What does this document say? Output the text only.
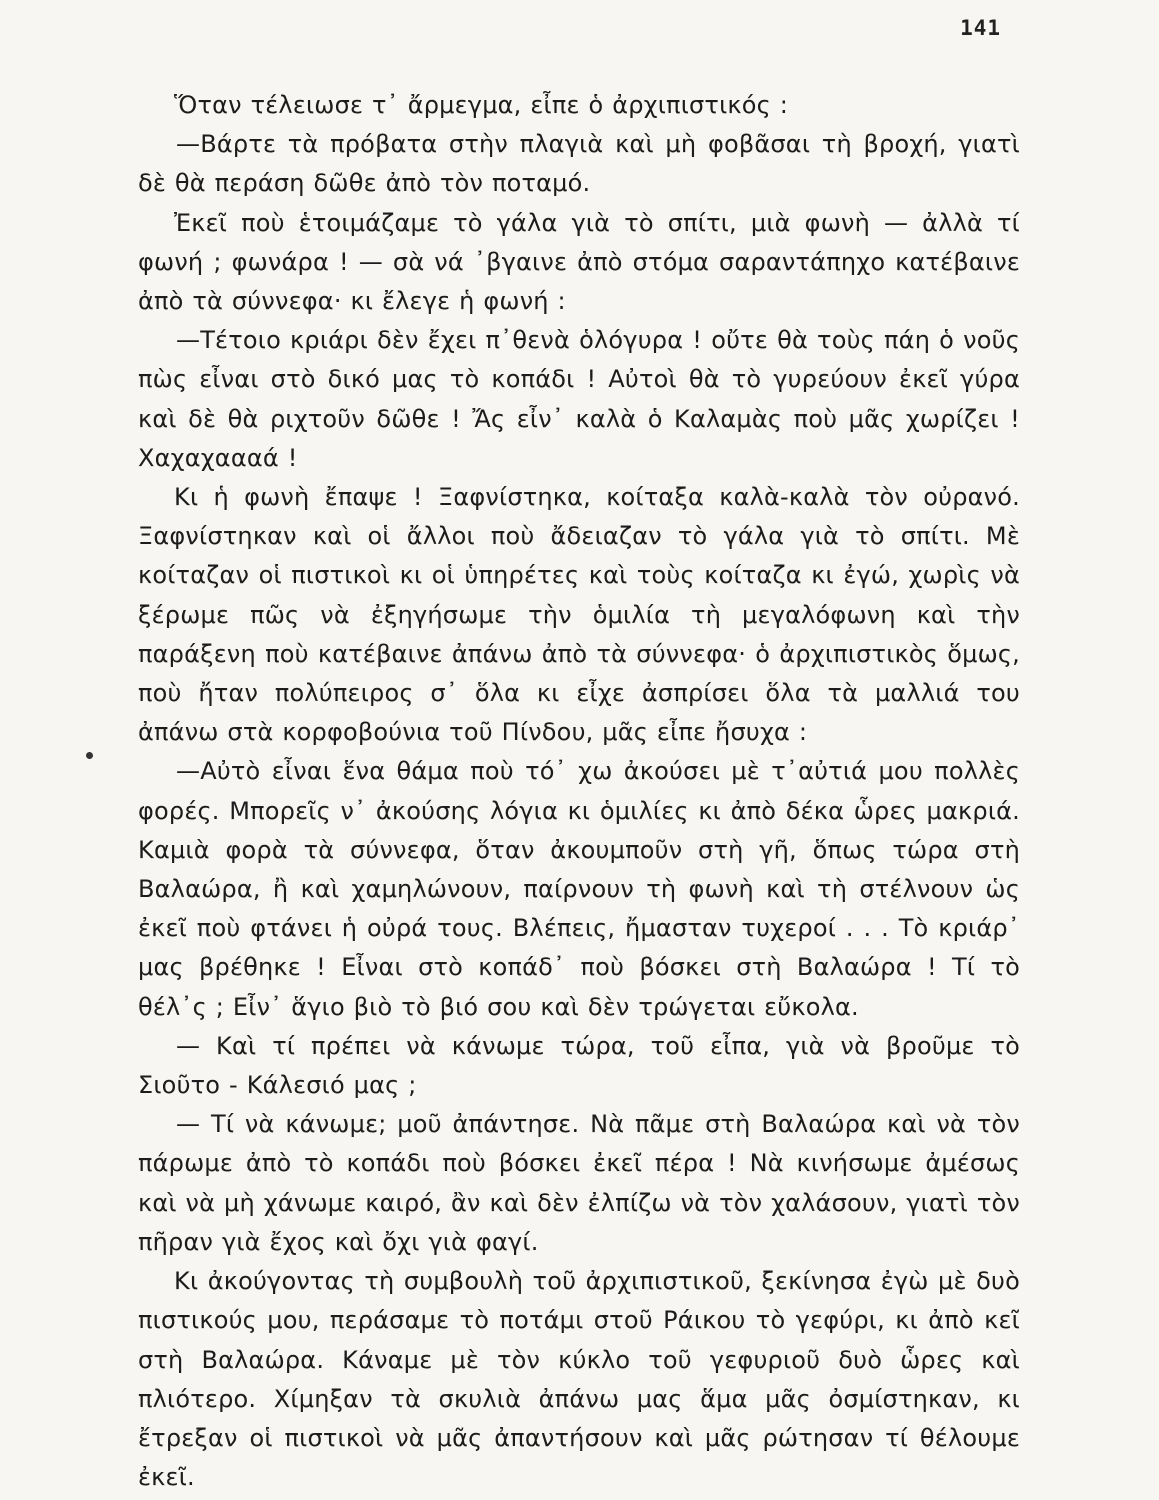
141

Ὅταν τέλειωσε τ᾿ ἄρμεγμα, εἶπε ὁ ἀρχιπιστικός :

—Βάρτε τὰ πρόβατα στὴν πλαγιὰ καὶ μὴ φοβᾶσαι τὴ βροχή, γιατὶ δὲ θὰ περάση δῶθε ἀπὸ τὸν ποταμό.

Ἐκεῖ ποὺ ἑτοιμάζαμε τὸ γάλα γιὰ τὸ σπίτι, μιὰ φωνὴ — ἀλλὰ τί φωνή ; φωνάρα ! — σὰ νά ᾿βγαινε ἀπὸ στόμα σαραντάπηχο κατέβαινε ἀπὸ τὰ σύννεφα· κι ἔλεγε ἡ φωνή :

—Τέτοιο κριάρι δὲν ἔχει π᾿θενὰ ὁλόγυρα ! οὔτε θὰ τοὺς πάη ὁ νοῦς πὼς εἶναι στὸ δικό μας τὸ κοπάδι ! Αὐτοὶ θὰ τὸ γυρεύουν ἐκεῖ γύρα καὶ δὲ θὰ ριχτοῦν δῶθε ! Ἄς εἶν᾿ καλὰ ὁ Καλαμὰς ποὺ μᾶς χωρίζει ! Χαχαχαααά !

Κι ἡ φωνὴ ἔπαψε ! Ξαφνίστηκα, κοίταξα καλὰ-καλὰ τὸν οὐρανό. Ξαφνίστηκαν καὶ οἱ ἄλλοι ποὺ ἄδειαζαν τὸ γάλα γιὰ τὸ σπίτι. Μὲ κοίταζαν οἱ πιστικοὶ κι οἱ ὑπηρέτες καὶ τοὺς κοίταζα κι ἐγώ, χωρὶς νὰ ξέρωμε πῶς νὰ ἐξηγήσωμε τὴν ὁμιλία τὴ μεγαλόφωνη καὶ τὴν παράξενη ποὺ κατέβαινε ἀπάνω ἀπὸ τὰ σύννεφα· ὁ ἀρχιπιστικὸς ὅμως, ποὺ ἤταν πολύπειρος σ᾿ ὅλα κι εἶχε ἀσπρίσει ὅλα τὰ μαλλιά του ἀπάνω στὰ κορφοβούνια τοῦ Πίνδου, μᾶς εἶπε ἤσυχα :

—Αὐτὸ εἶναι ἕνα θάμα ποὺ τό᾿ χω ἀκούσει μὲ τ᾿αὐτιά μου πολλὲς φορές. Μπορεῖς ν᾿ ἀκούσης λόγια κι ὁμιλίες κι ἀπὸ δέκα ὧρες μακριά. Καμιὰ φορὰ τὰ σύννεφα, ὅταν ἀκουμποῦν στὴ γῆ, ὅπως τώρα στὴ Βαλαώρα, ἢ καὶ χαμηλώνουν, παίρνουν τὴ φωνὴ καὶ τὴ στέλνουν ὡς ἐκεῖ ποὺ φτάνει ἡ οὐρά τους. Βλέπεις, ἤμασταν τυχεροί . . . Τὸ κριάρ᾿ μας βρέθηκε ! Εἶναι στὸ κοπάδ᾿ ποὺ βόσκει στὴ Βαλαώρα ! Τί τὸ θέλ᾿ς ; Εἶν᾿ ἅγιο βιὸ τὸ βιό σου καὶ δὲν τρώγεται εὔκολα.

— Καὶ τί πρέπει νὰ κάνωμε τώρα, τοῦ εἶπα, γιὰ νὰ βροῦμε τὸ Σιοῦτο - Κάλεσιό μας ;

— Τί νὰ κάνωμε; μοῦ ἀπάντησε. Νὰ πᾶμε στὴ Βαλαώρα καὶ νὰ τὸν πάρωμε ἀπὸ τὸ κοπάδι ποὺ βόσκει ἐκεῖ πέρα ! Νὰ κινήσωμε ἀμέσως καὶ νὰ μὴ χάνωμε καιρό, ἂν καὶ δὲν ἐλπίζω νὰ τὸν χαλάσουν, γιατὶ τὸν πῆραν γιὰ ἔχος καὶ ὄχι γιὰ φαγί.

Κι ἀκούγοντας τὴ συμβουλὴ τοῦ ἀρχιπιστικοῦ, ξεκίνησα ἐγὼ μὲ δυὸ πιστικούς μου, περάσαμε τὸ ποτάμι στοῦ Ράικου τὸ γεφύρι, κι ἀπὸ κεῖ στὴ Βαλαώρα. Κάναμε μὲ τὸν κύκλο τοῦ γεφυριοῦ δυὸ ὧρες καὶ πλιότερο. Χίμηξαν τὰ σκυλιὰ ἀπάνω μας ἅμα μᾶς ὀσμίστηκαν, κι ἔτρεξαν οἱ πιστικοὶ νὰ μᾶς ἀπαντήσουν καὶ μᾶς ρώτησαν τί θέλουμε ἐκεῖ.
